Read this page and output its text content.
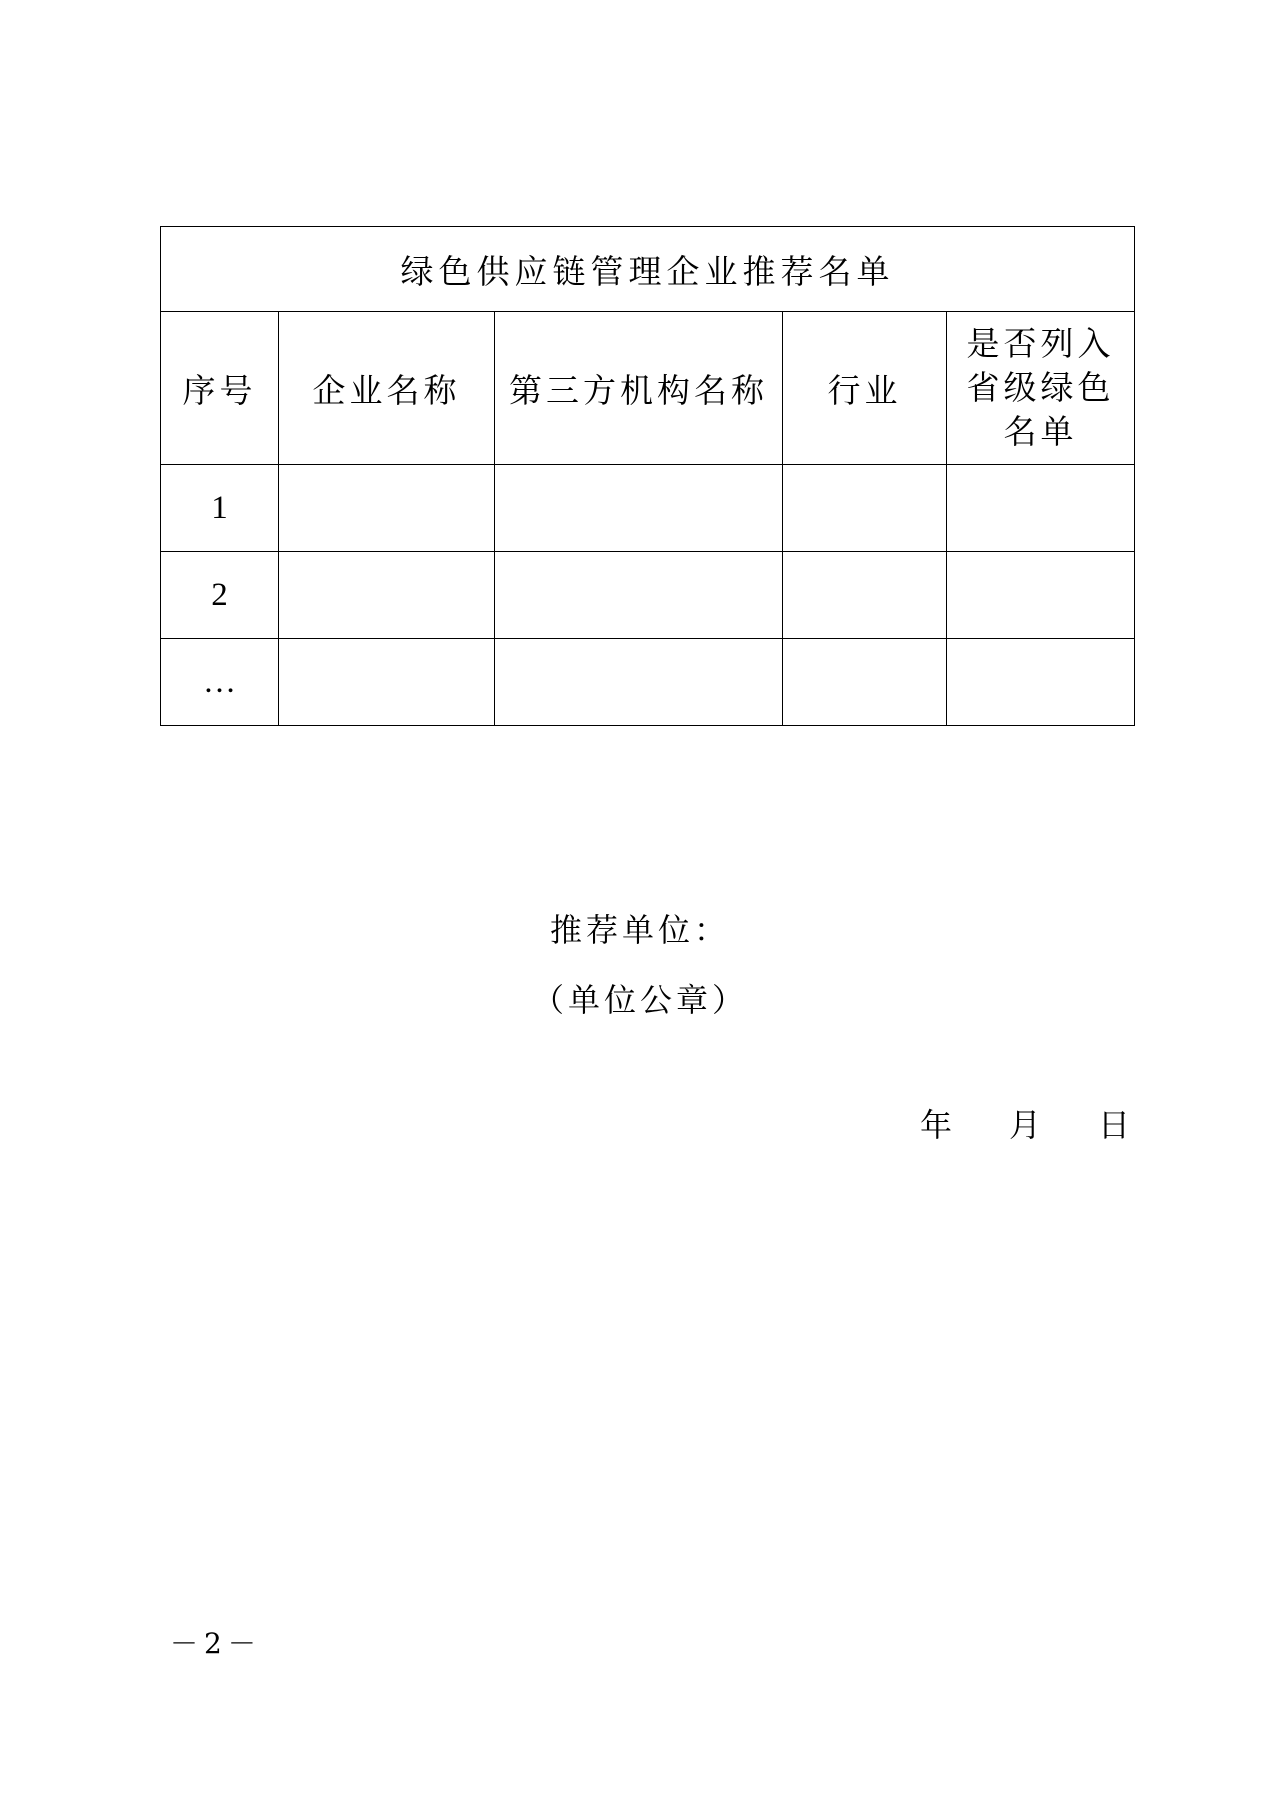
绿色供应链管理企业推荐名单				
序号	企业名称	第三方机构名称	行业	是否列入
省级绿色
名单

1				
2				
…				
推荐单位：
（单位公章）
年 月 日
－2－
